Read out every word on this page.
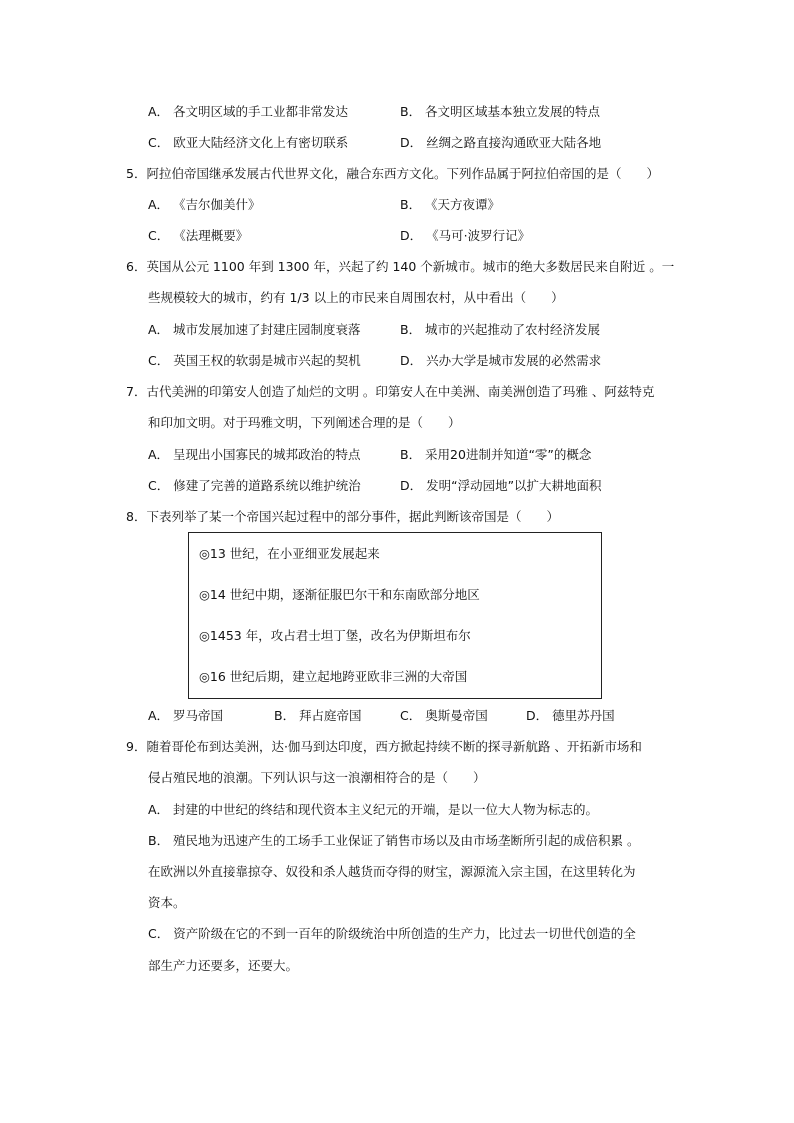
A． 各文明区域的手工业都非常发达	B． 各文明区域基本独立发展的特点
C． 欧亚大陆经济文化上有密切联系	D． 丝绸之路直接沟通欧亚大陆各地
5．阿拉伯帝国继承发展古代世界文化，融合东西方文化。下列作品属于阿拉伯帝国的是（　　）
A． 《吉尔伽美什》	B． 《天方夜谭》
C． 《法理概要》	D． 《马可·波罗行记》
6．英国从公元 1100 年到 1300 年，兴起了约 140 个新城市。城市的绝大多数居民来自附近 。一
些规模较大的城市，约有 1/3 以上的市民来自周围农村，从中看出（　　）
A． 城市发展加速了封建庄园制度衰落	B． 城市的兴起推动了农村经济发展
C． 英国王权的软弱是城市兴起的契机	D． 兴办大学是城市发展的必然需求
7．古代美洲的印第安人创造了灿烂的文明 。印第安人在中美洲、南美洲创造了玛雅 、阿兹特克
和印加文明。对于玛雅文明，下列阐述合理的是（　　）
A． 呈现出小国寡民的城邦政治的特点	B． 采用20进制并知道“零”的概念
C． 修建了完善的道路系统以维护统治	D． 发明“浮动园地”以扩大耕地面积
8．下表列举了某一个帝国兴起过程中的部分事件，据此判断该帝国是（　　）
◎13 世纪，在小亚细亚发展起来
◎14 世纪中期，逐渐征服巴尔干和东南欧部分地区
◎1453 年，攻占君士坦丁堡，改名为伊斯坦布尔
◎16 世纪后期，建立起地跨亚欧非三洲的大帝国
A． 罗马帝国	B． 拜占庭帝国	C． 奥斯曼帝国	D． 德里苏丹国
9．随着哥伦布到达美洲，达·伽马到达印度，西方掀起持续不断的探寻新航路 、开拓新市场和
侵占殖民地的浪潮。下列认识与这一浪潮相符合的是（　　）
A． 封建的中世纪的终结和现代资本主义纪元的开端，是以一位大人物为标志的。
B． 殖民地为迅速产生的工场手工业保证了销售市场以及由市场垄断所引起的成倍积累 。
在欧洲以外直接靠掠夺、奴役和杀人越货而夺得的财宝，源源流入宗主国，在这里转化为
资本。
C． 资产阶级在它的不到一百年的阶级统治中所创造的生产力，比过去一切世代创造的全
部生产力还要多，还要大。
